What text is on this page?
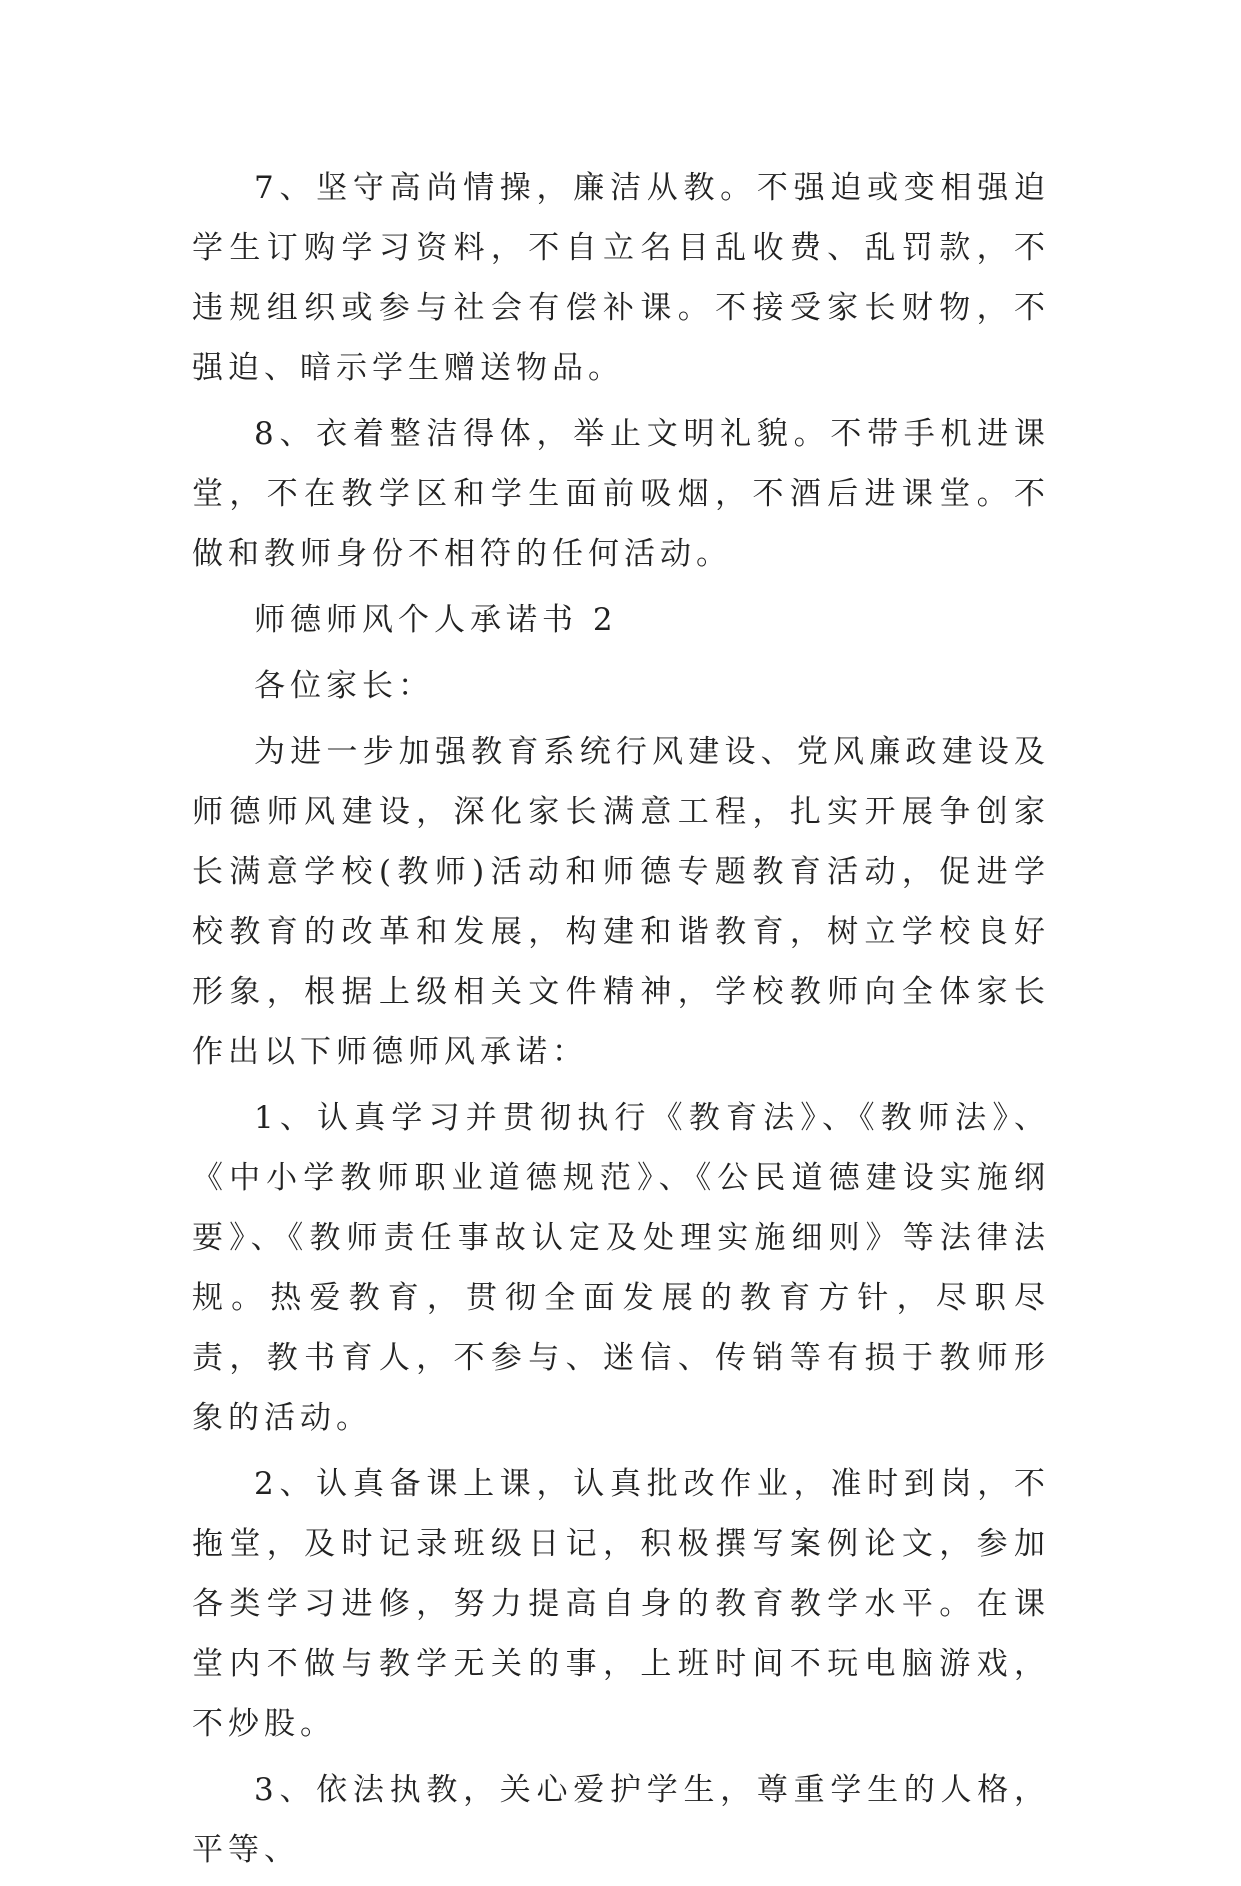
7、坚守高尚情操，廉洁从教。不强迫或变相强迫学生订购学习资料，不自立名目乱收费、乱罚款，不违规组织或参与社会有偿补课。不接受家长财物，不强迫、暗示学生赠送物品。

8、衣着整洁得体，举止文明礼貌。不带手机进课堂，不在教学区和学生面前吸烟，不酒后进课堂。不做和教师身份不相符的任何活动。

师德师风个人承诺书 2

各位家长：

为进一步加强教育系统行风建设、党风廉政建设及师德师风建设，深化家长满意工程，扎实开展争创家长满意学校(教师)活动和师德专题教育活动，促进学校教育的改革和发展，构建和谐教育，树立学校良好形象，根据上级相关文件精神，学校教师向全体家长作出以下师德师风承诺：

1、认真学习并贯彻执行《教育法》、《教师法》、《中小学教师职业道德规范》、《公民道德建设实施纲要》、《教师责任事故认定及处理实施细则》等法律法规。热爱教育，贯彻全面发展的教育方针，尽职尽责，教书育人，不参与、迷信、传销等有损于教师形象的活动。

2、认真备课上课，认真批改作业，准时到岗，不拖堂，及时记录班级日记，积极撰写案例论文，参加各类学习进修，努力提高自身的教育教学水平。在课堂内不做与教学无关的事，上班时间不玩电脑游戏，不炒股。

3、依法执教，关心爱护学生，尊重学生的人格，平等、
